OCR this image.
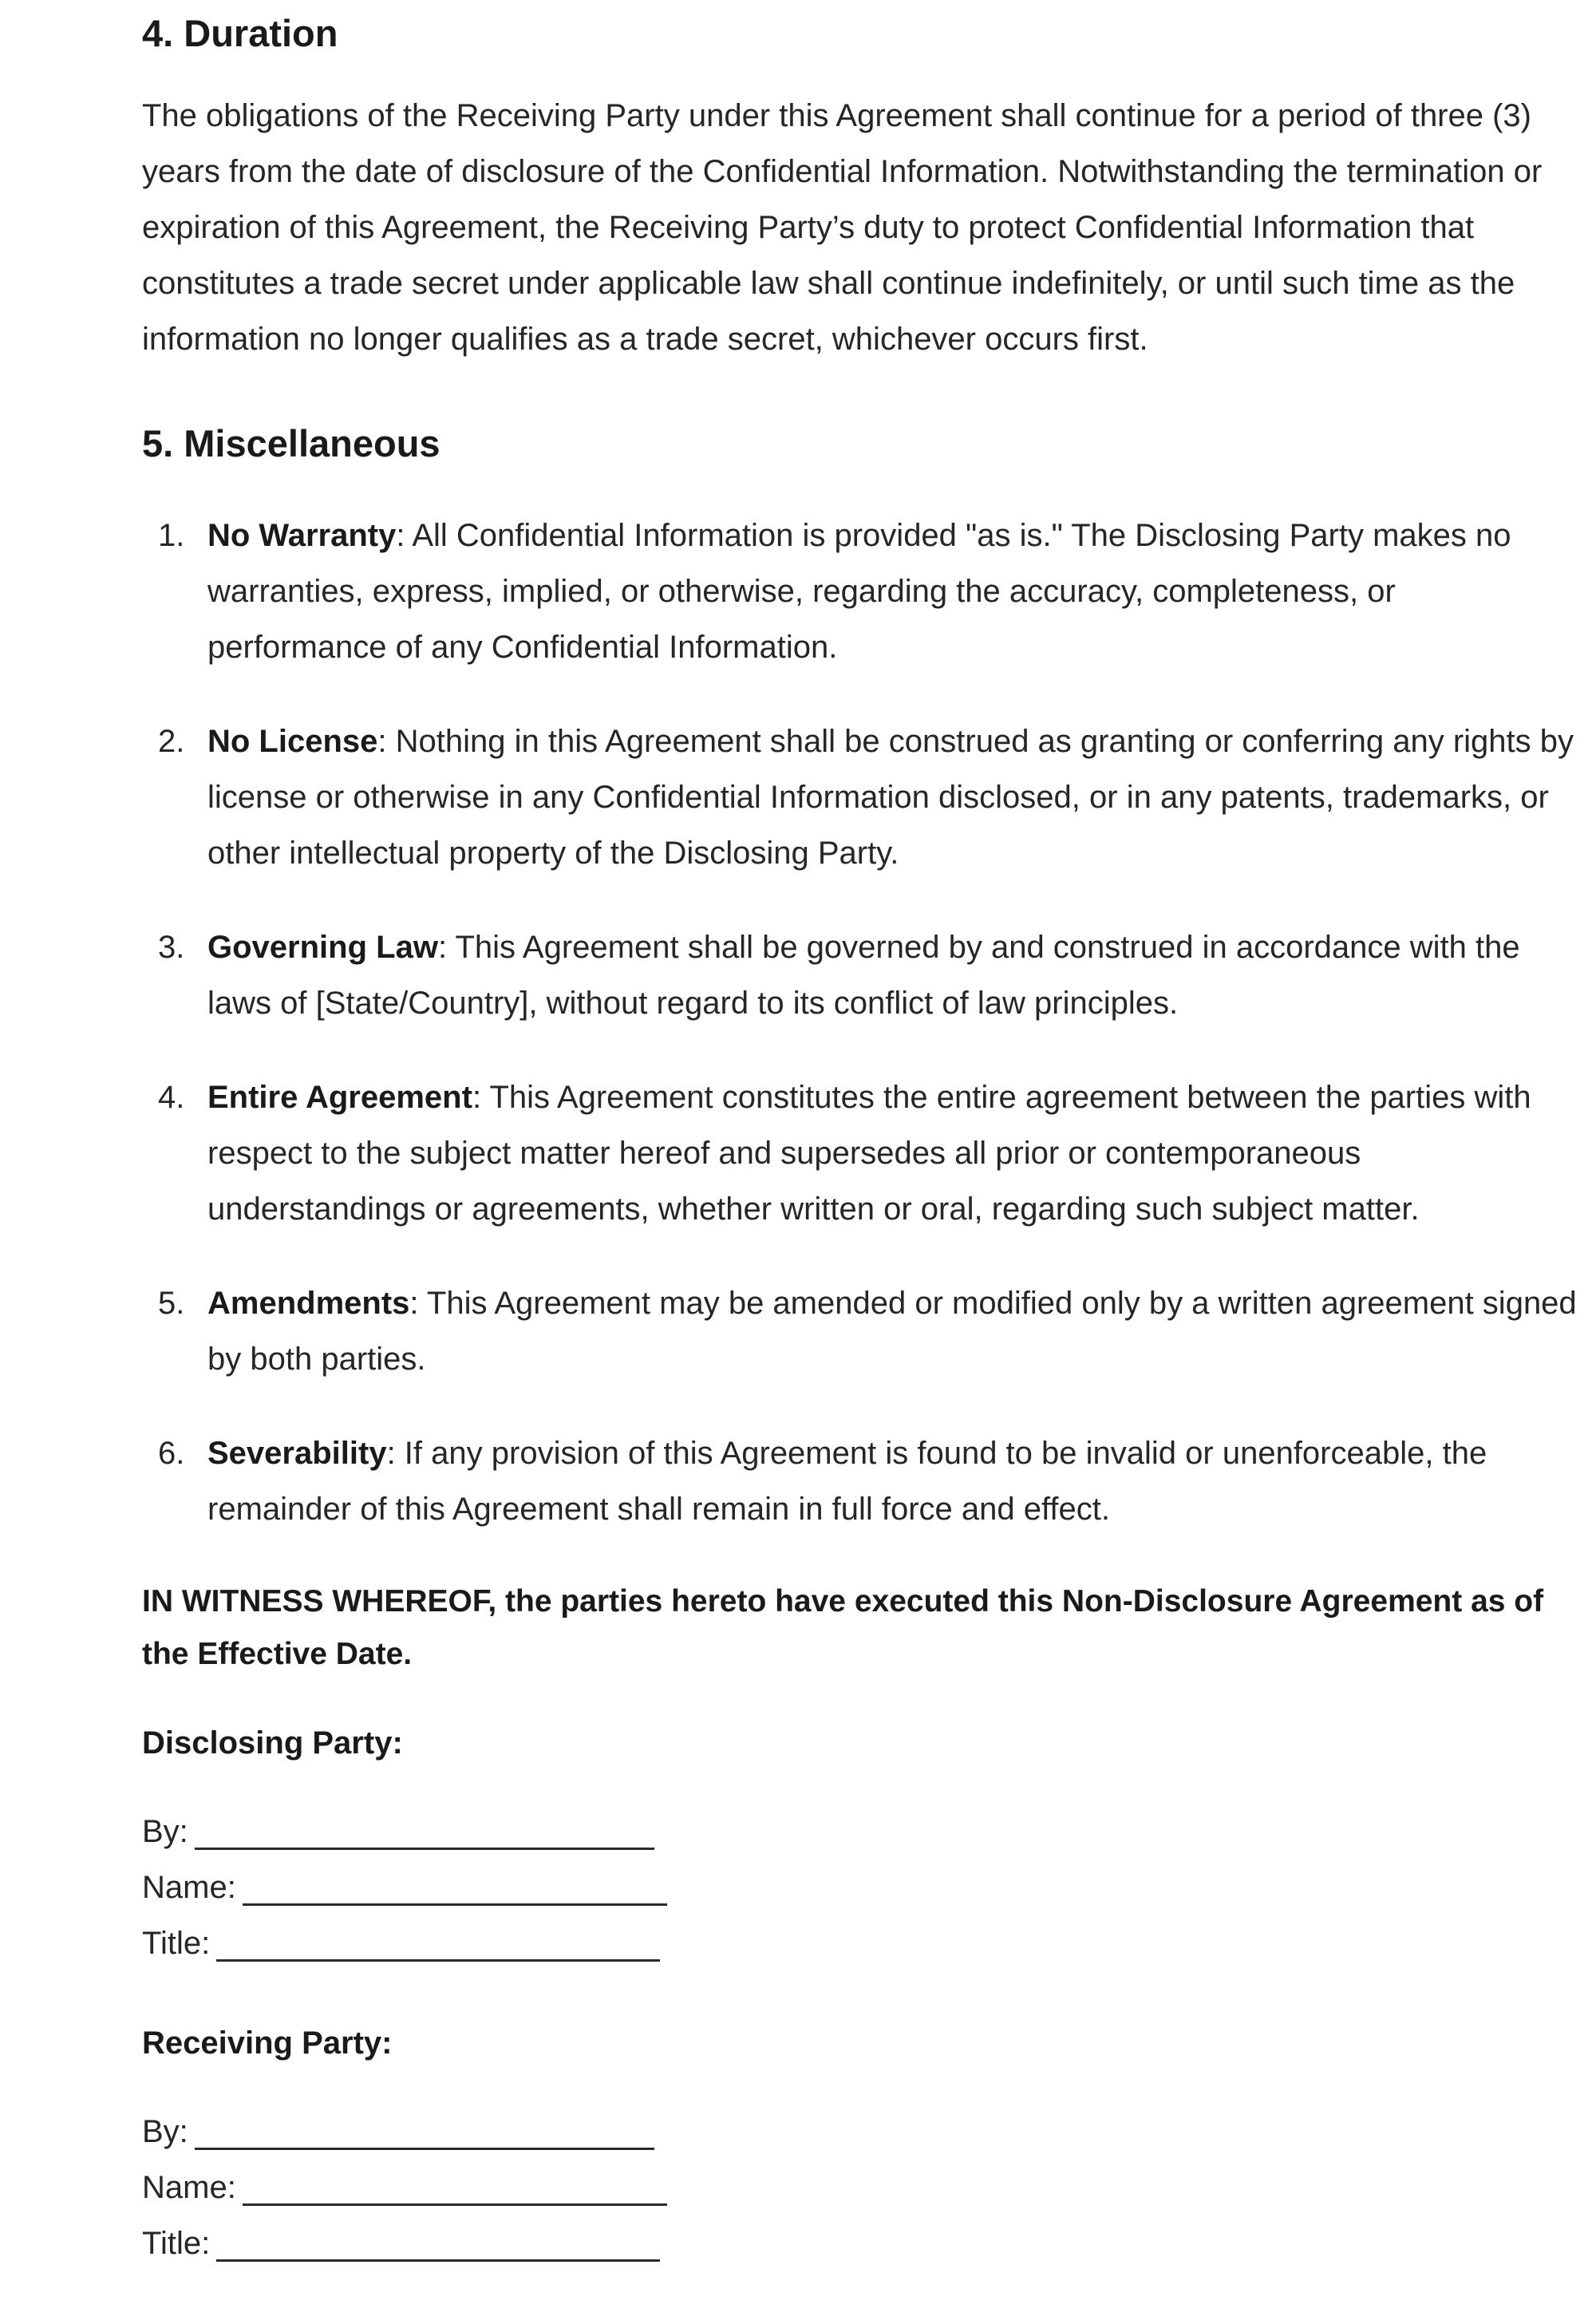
4. Duration

The obligations of the Receiving Party under this Agreement shall continue for a period of three (3) years from the date of disclosure of the Confidential Information. Notwithstanding the termination or expiration of this Agreement, the Receiving Party’s duty to protect Confidential Information that constitutes a trade secret under applicable law shall continue indefinitely, or until such time as the information no longer qualifies as a trade secret, whichever occurs first.

5. Miscellaneous
1. No Warranty: All Confidential Information is provided "as is." The Disclosing Party makes no warranties, express, implied, or otherwise, regarding the accuracy, completeness, or performance of any Confidential Information.
2. No License: Nothing in this Agreement shall be construed as granting or conferring any rights by license or otherwise in any Confidential Information disclosed, or in any patents, trademarks, or other intellectual property of the Disclosing Party.
3. Governing Law: This Agreement shall be governed by and construed in accordance with the laws of [State/Country], without regard to its conflict of law principles.
4. Entire Agreement: This Agreement constitutes the entire agreement between the parties with respect to the subject matter hereof and supersedes all prior or contemporaneous understandings or agreements, whether written or oral, regarding such subject matter.
5. Amendments: This Agreement may be amended or modified only by a written agreement signed by both parties.
6. Severability: If any provision of this Agreement is found to be invalid or unenforceable, the remainder of this Agreement shall remain in full force and effect.

IN WITNESS WHEREOF, the parties hereto have executed this Non-Disclosure Agreement as of the Effective Date.

Disclosing Party:

By:
Name:
Title:

Receiving Party:

By:
Name:
Title:
